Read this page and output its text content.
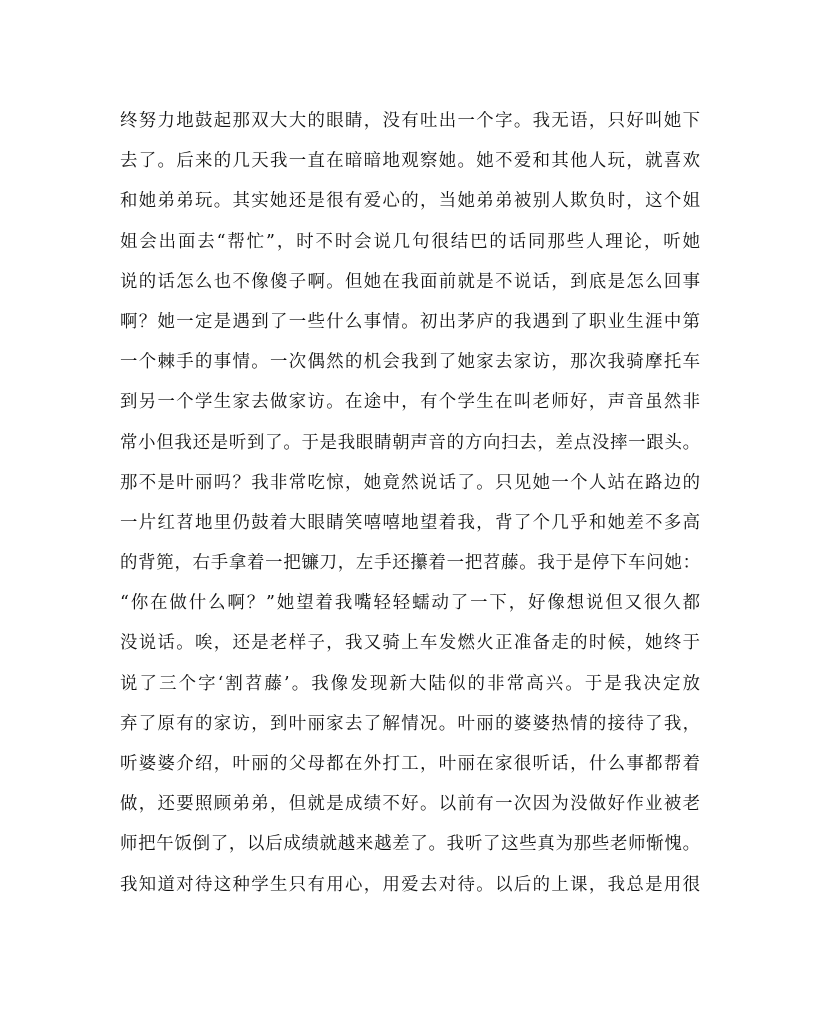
终努力地鼓起那双大大的眼睛，没有吐出一个字。我无语，只好叫她下
去了。后来的几天我一直在暗暗地观察她。她不爱和其他人玩，就喜欢
和她弟弟玩。其实她还是很有爱心的，当她弟弟被别人欺负时，这个姐
姐会出面去“帮忙”，时不时会说几句很结巴的话同那些人理论，听她
说的话怎么也不像傻子啊。但她在我面前就是不说话，到底是怎么回事
啊？她一定是遇到了一些什么事情。初出茅庐的我遇到了职业生涯中第
一个棘手的事情。一次偶然的机会我到了她家去家访，那次我骑摩托车
到另一个学生家去做家访。在途中，有个学生在叫老师好，声音虽然非
常小但我还是听到了。于是我眼睛朝声音的方向扫去，差点没摔一跟头。
那不是叶丽吗？我非常吃惊，她竟然说话了。只见她一个人站在路边的
一片红苕地里仍鼓着大眼睛笑嘻嘻地望着我，背了个几乎和她差不多高
的背篼，右手拿着一把镰刀，左手还攥着一把苕藤。我于是停下车问她：
“你在做什么啊？”她望着我嘴轻轻蠕动了一下，好像想说但又很久都
没说话。唉，还是老样子，我又骑上车发燃火正准备走的时候，她终于
说了三个字‘割苕藤’。我像发现新大陆似的非常高兴。于是我决定放
弃了原有的家访，到叶丽家去了解情况。叶丽的婆婆热情的接待了我，
听婆婆介绍，叶丽的父母都在外打工，叶丽在家很听话，什么事都帮着
做，还要照顾弟弟，但就是成绩不好。以前有一次因为没做好作业被老
师把午饭倒了，以后成绩就越来越差了。我听了这些真为那些老师惭愧。
我知道对待这种学生只有用心，用爱去对待。以后的上课，我总是用很
